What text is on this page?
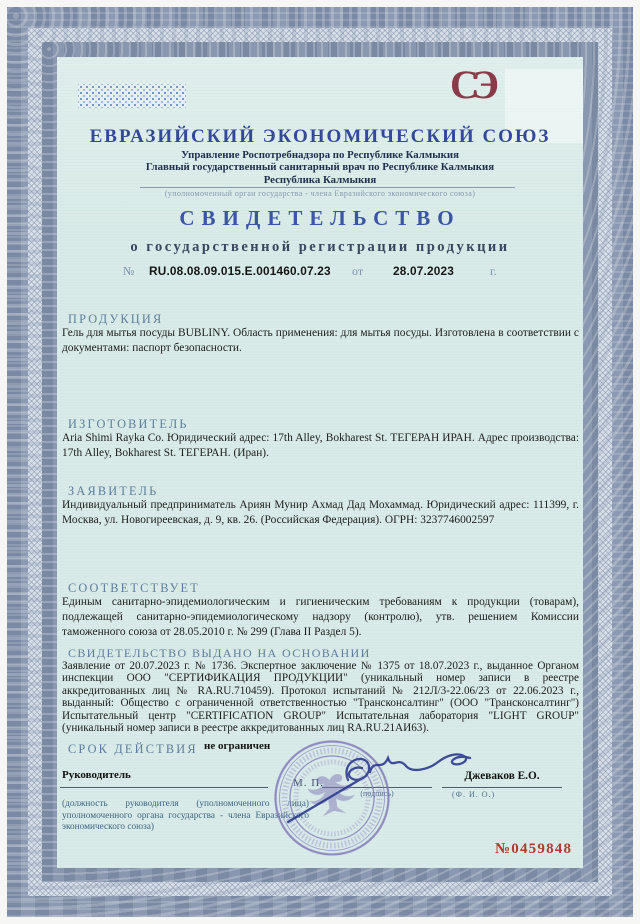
СЭ
ЕВРАЗИЙСКИЙ ЭКОНОМИЧЕСКИЙ СОЮЗ
Управление Роспотребнадзора по Республике Калмыкия
Главный государственный санитарный врач по Республике Калмыкия
Республика Калмыкия
(уполномоченный орган государства - члена Евразийского экономического союза)
СВИДЕТЕЛЬСТВО
о государственной регистрации продукции
№ RU.08.08.09.015.E.001460.07.23 от	28.07.2023	г.
ПРОДУКЦИЯ
Гель для мытья посуды BUBLINY. Область применения: для мытья посуды. Изготовлена в соответствии с документами: паспорт безопасности.
ИЗГОТОВИТЕЛЬ
Aria Shimi Rayka Co. Юридический адрес: 17th Alley, Bokharest St. ТЕГЕРАН ИРАН. Адрес производства: 17th Alley, Bokharest St. ТЕГЕРАН. (Иран).
ЗАЯВИТЕЛЬ
Индивидуальный предприниматель Ариян Мунир Ахмад Дад Мохаммад. Юридический адрес: 111399, г. Москва, ул. Новогиреевская, д. 9, кв. 26. (Российская Федерация). ОГРН: 3237746002597
СООТВЕТСТВУЕТ
Единым санитарно-эпидемиологическим и гигиеническим требованиям к продукции (товарам), подлежащей санитарно-эпидемиологическому надзору (контролю), утв. решением Комиссии таможенного союза от 28.05.2010 г. № 299 (Глава II Раздел 5).
СВИДЕТЕЛЬСТВО ВЫДАНО НА ОСНОВАНИИ
Заявление от 20.07.2023 г. № 1736. Экспертное заключение № 1375 от 18.07.2023 г., выданное Органом инспекции ООО "СЕРТИФИКАЦИЯ ПРОДУКЦИИ" (уникальный номер записи в реестре аккредитованных лиц № RA.RU.710459). Протокол испытаний № 212Л/3-22.06/23 от 22.06.2023 г., выданный: Общество с ограниченной ответственностью "Трансконсалтинг" (ООО "Трансконсалтинг") Испытательный центр "CERTIFICATION GROUP" Испытательная лаборатория "LIGHT GROUP" (уникальный номер записи в реестре аккредитованных лиц RA.RU.21АИ63).
СРОК ДЕЙСТВИЯ не ограничен
Руководитель
М. П.
(подпись)
Джеваков Е.О.
(Ф. И. О.)
(должность руководителя (уполномоченного лица) уполномоченного органа государства - члена Евразийского экономического союза)
№0459848
